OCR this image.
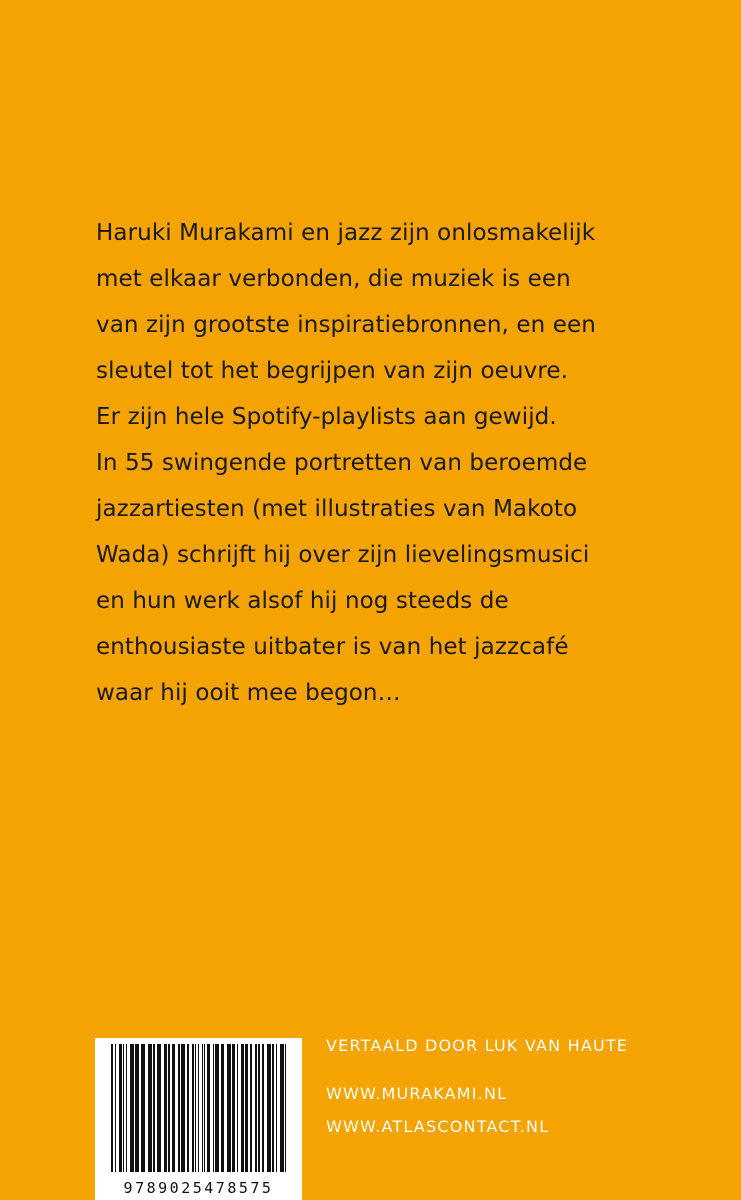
Haruki Murakami en jazz zijn onlosmakelijk
met elkaar verbonden, die muziek is een
van zijn grootste inspiratiebronnen, en een
sleutel tot het begrijpen van zijn oeuvre.
Er zijn hele Spotify-playlists aan gewijd.
In 55 swingende portretten van beroemde
jazzartiesten (met illustraties van Makoto
Wada) schrijft hij over zijn lievelingsmusici
en hun werk alsof hij nog steeds de
enthousiaste uitbater is van het jazzcafé
waar hij ooit mee begon…
9789025478575
VERTAALD DOOR LUK VAN HAUTE
WWW.MURAKAMI.NL
WWW.ATLASCONTACT.NL
